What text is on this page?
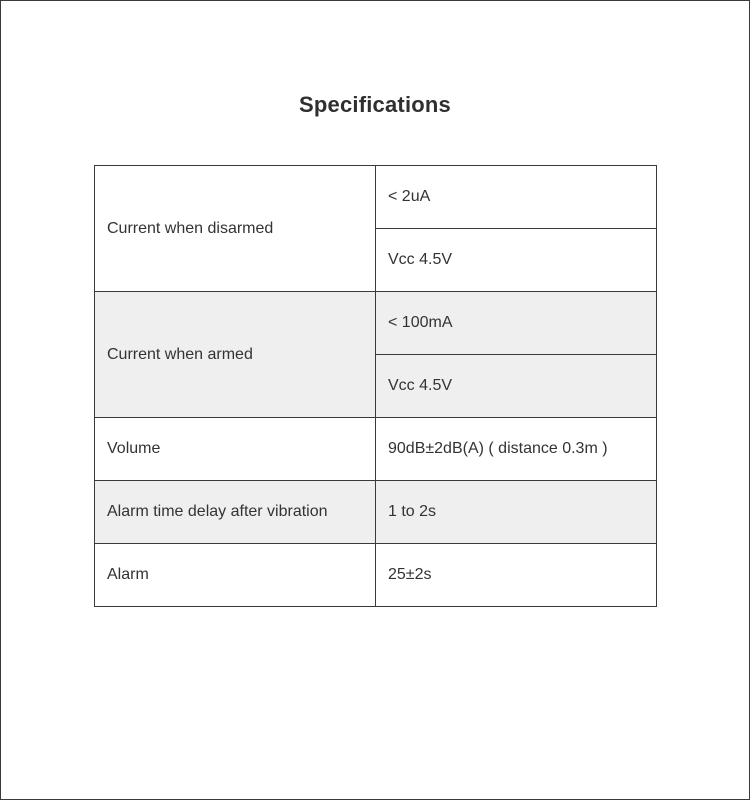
Specifications
Current when disarmed	< 2uA
	Vcc 4.5V
Current when armed	< 100mA
	Vcc 4.5V
Volume	90dB±2dB(A) ( distance 0.3m )
Alarm time delay after vibration	1 to 2s
Alarm	25±2s
